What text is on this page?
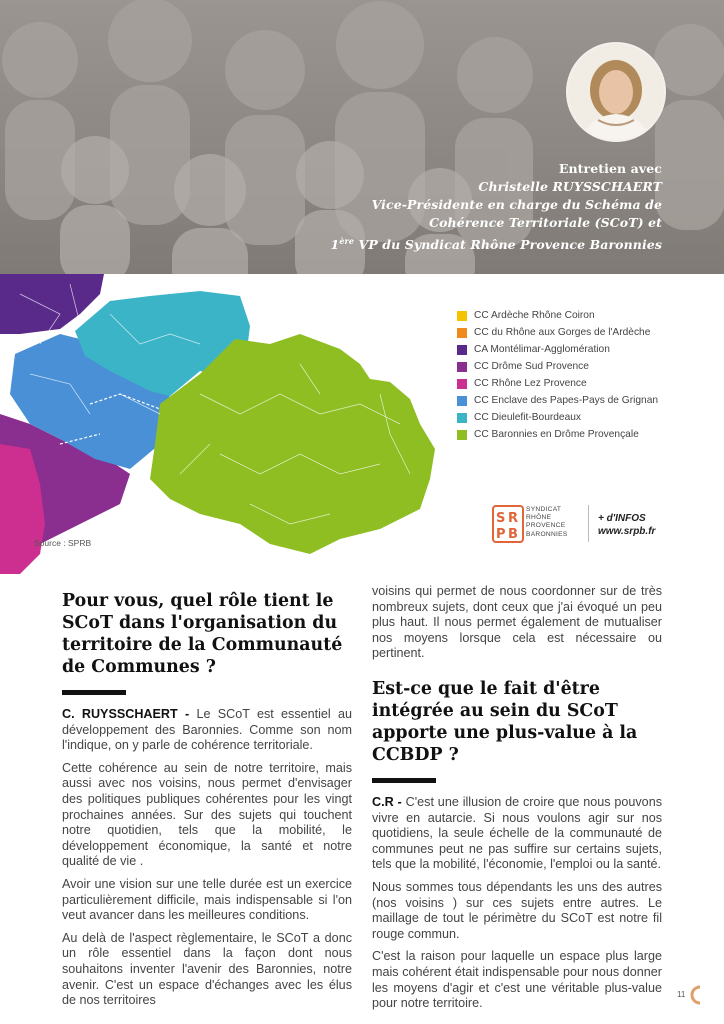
Entretien avec
Christelle RUYSSCHAERT
Vice-Présidente en charge du Schéma de
Cohérence Territoriale (SCoT) et
1ère VP du Syndicat Rhône Provence Baronnies
CC Ardèche Rhône Coiron
CC du Rhône aux Gorges de l'Ardèche
CA Montélimar-Agglomération
CC Drôme Sud Provence
CC Rhône Lez Provence
CC Enclave des Papes-Pays de Grignan
CC Dieulefit-Bourdeaux
CC Baronnies en Drôme Provençale
Source : SPRB
S R
P B
SYNDICAT
RHÔNE
PROVENCE
BARONNIES
+ d'INFOS
www.srpb.fr
Pour vous, quel rôle tient le SCoT dans l'organisation du territoire de la Communauté de Communes ?

C. RUYSSCHAERT - Le SCoT est essentiel au développement des Baronnies. Comme son nom l'indique, on y parle de cohérence territoriale.

Cette cohérence au sein de notre territoire, mais aussi avec nos voisins, nous permet d'envisager des politiques publiques cohérentes pour les vingt prochaines années. Sur des sujets qui touchent notre quotidien, tels que la mobilité, le développement économique, la santé et notre qualité de vie .

Avoir une vision sur une telle durée est un exercice particulièrement difficile, mais indispensable si l'on veut avancer dans les meilleures conditions.

Au delà de l'aspect règlementaire, le SCoT a donc un rôle essentiel dans la façon dont nous souhaitons inventer l'avenir des Baronnies, notre avenir. C'est un espace d'échanges avec les élus de nos territoires

voisins qui permet de nous coordonner sur de très nombreux sujets, dont ceux que j'ai évoqué un peu plus haut. Il nous permet également de mutualiser nos moyens lorsque cela est nécessaire ou pertinent.

Est-ce que le fait d'être intégrée au sein du SCoT apporte une plus-value à la CCBDP ?

C.R - C'est une illusion de croire que nous pouvons vivre en autarcie. Si nous voulons agir sur nos quotidiens, la seule échelle de la communauté de communes peut ne pas suffire sur certains sujets, tels que la mobilité, l'économie, l'emploi ou la santé.

Nous sommes tous dépendants les uns des autres (nos voisins ) sur ces sujets entre autres. Le maillage de tout le périmètre du SCoT est notre fil rouge commun.

C'est la raison pour laquelle un espace plus large mais cohérent était indispensable pour nous donner les moyens d'agir et c'est une véritable plus-value pour notre territoire.

11
